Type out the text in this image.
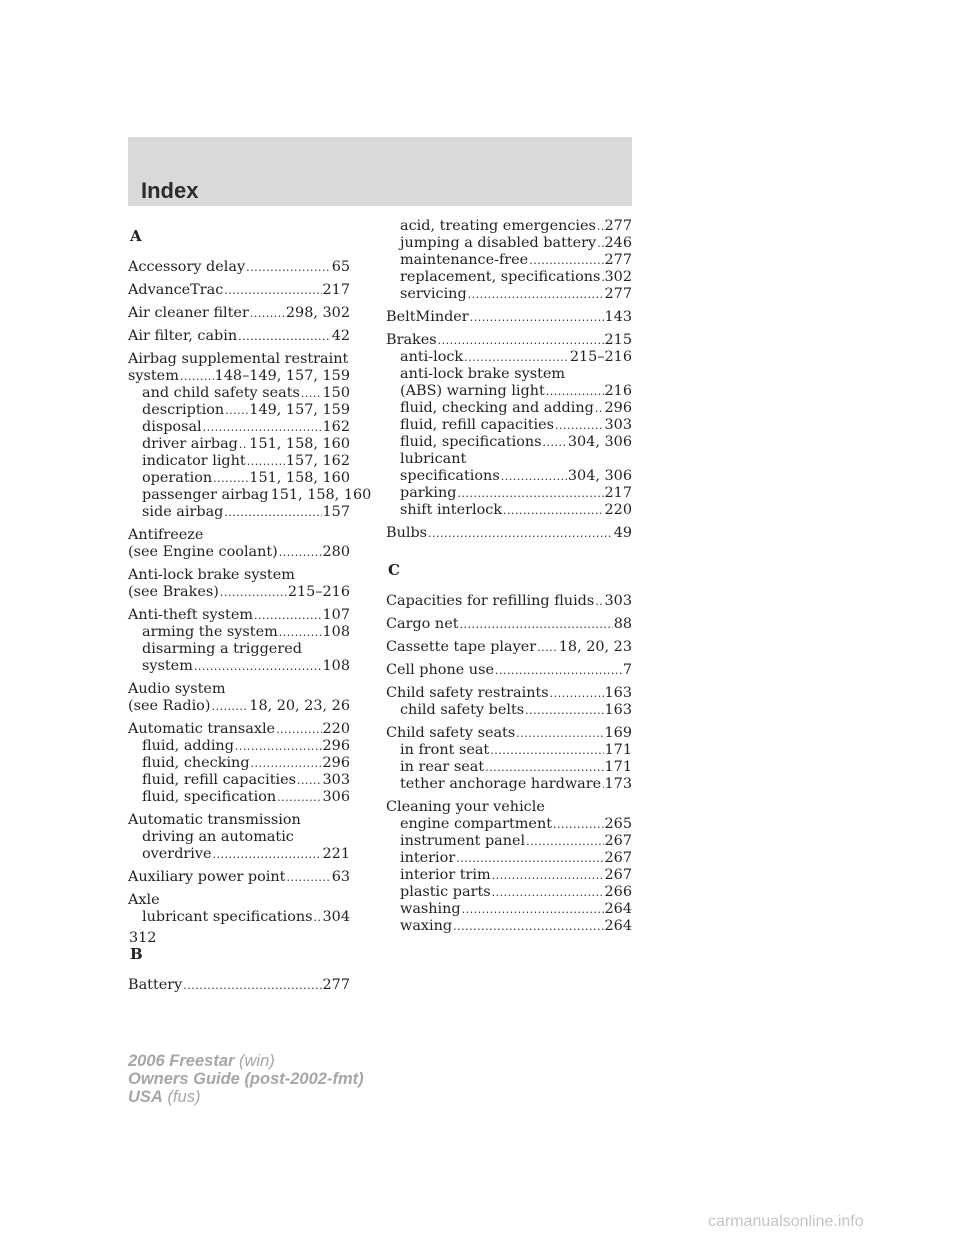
Index
A
Accessory delay .....	65
AdvanceTrac .....	217
Air cleaner filter .....	298, 302
Air filter, cabin .....	42
Airbag supplemental restraint
system ..... 148–149, 157, 159
and child safety seats ..... 150
description ..... 149, 157, 159
disposal .....	162
driver airbag ..... 151, 158, 160
indicator light .....	157, 162
operation .....	151, 158, 160
passenger airbag 151, 158, 160
side airbag .....	157
Antifreeze
(see Engine coolant) .....	280
Anti-lock brake system
(see Brakes) .....	215–216
Anti-theft system .....	107
arming the system .....	108
disarming a triggered
system .....	108
Audio system
(see Radio) .....	18, 20, 23, 26
Automatic transaxle .....	220
fluid, adding .....	296
fluid, checking .....	296
fluid, refill capacities ..... 303
fluid, specification .....	306
Automatic transmission
driving an automatic
overdrive .....	221
Auxiliary power point .....	63
Axle
lubricant specifications ..... 304
B
Battery .....	277
acid, treating emergencies ..... 277
jumping a disabled battery ..... 246
maintenance-free .....	277
replacement, specifications ..... 302
servicing .....	277
BeltMinder .....	143
Brakes .....	215
anti-lock .....	215–216
anti-lock brake system
(ABS) warning light .....	216
fluid, checking and adding ..... 296
fluid, refill capacities .....	303
fluid, specifications ..... 304, 306
lubricant
specifications .....	304, 306
parking .....	217
shift interlock .....	220
Bulbs .....	49
C
Capacities for refilling fluids ..... 303
Cargo net .....	88
Cassette tape player ..... 18, 20, 23
Cell phone use .....	7
Child safety restraints .....	163
child safety belts .....	163
Child safety seats .....	169
in front seat .....	171
in rear seat .....	171
tether anchorage hardware ..... 173
Cleaning your vehicle
engine compartment .....	265
instrument panel .....	267
interior .....	267
interior trim .....	267
plastic parts .....	266
washing .....	264
waxing .....	264
312
2006 Freestar (win)
Owners Guide (post-2002-fmt)
USA (fus)
carmanualsonline.info
